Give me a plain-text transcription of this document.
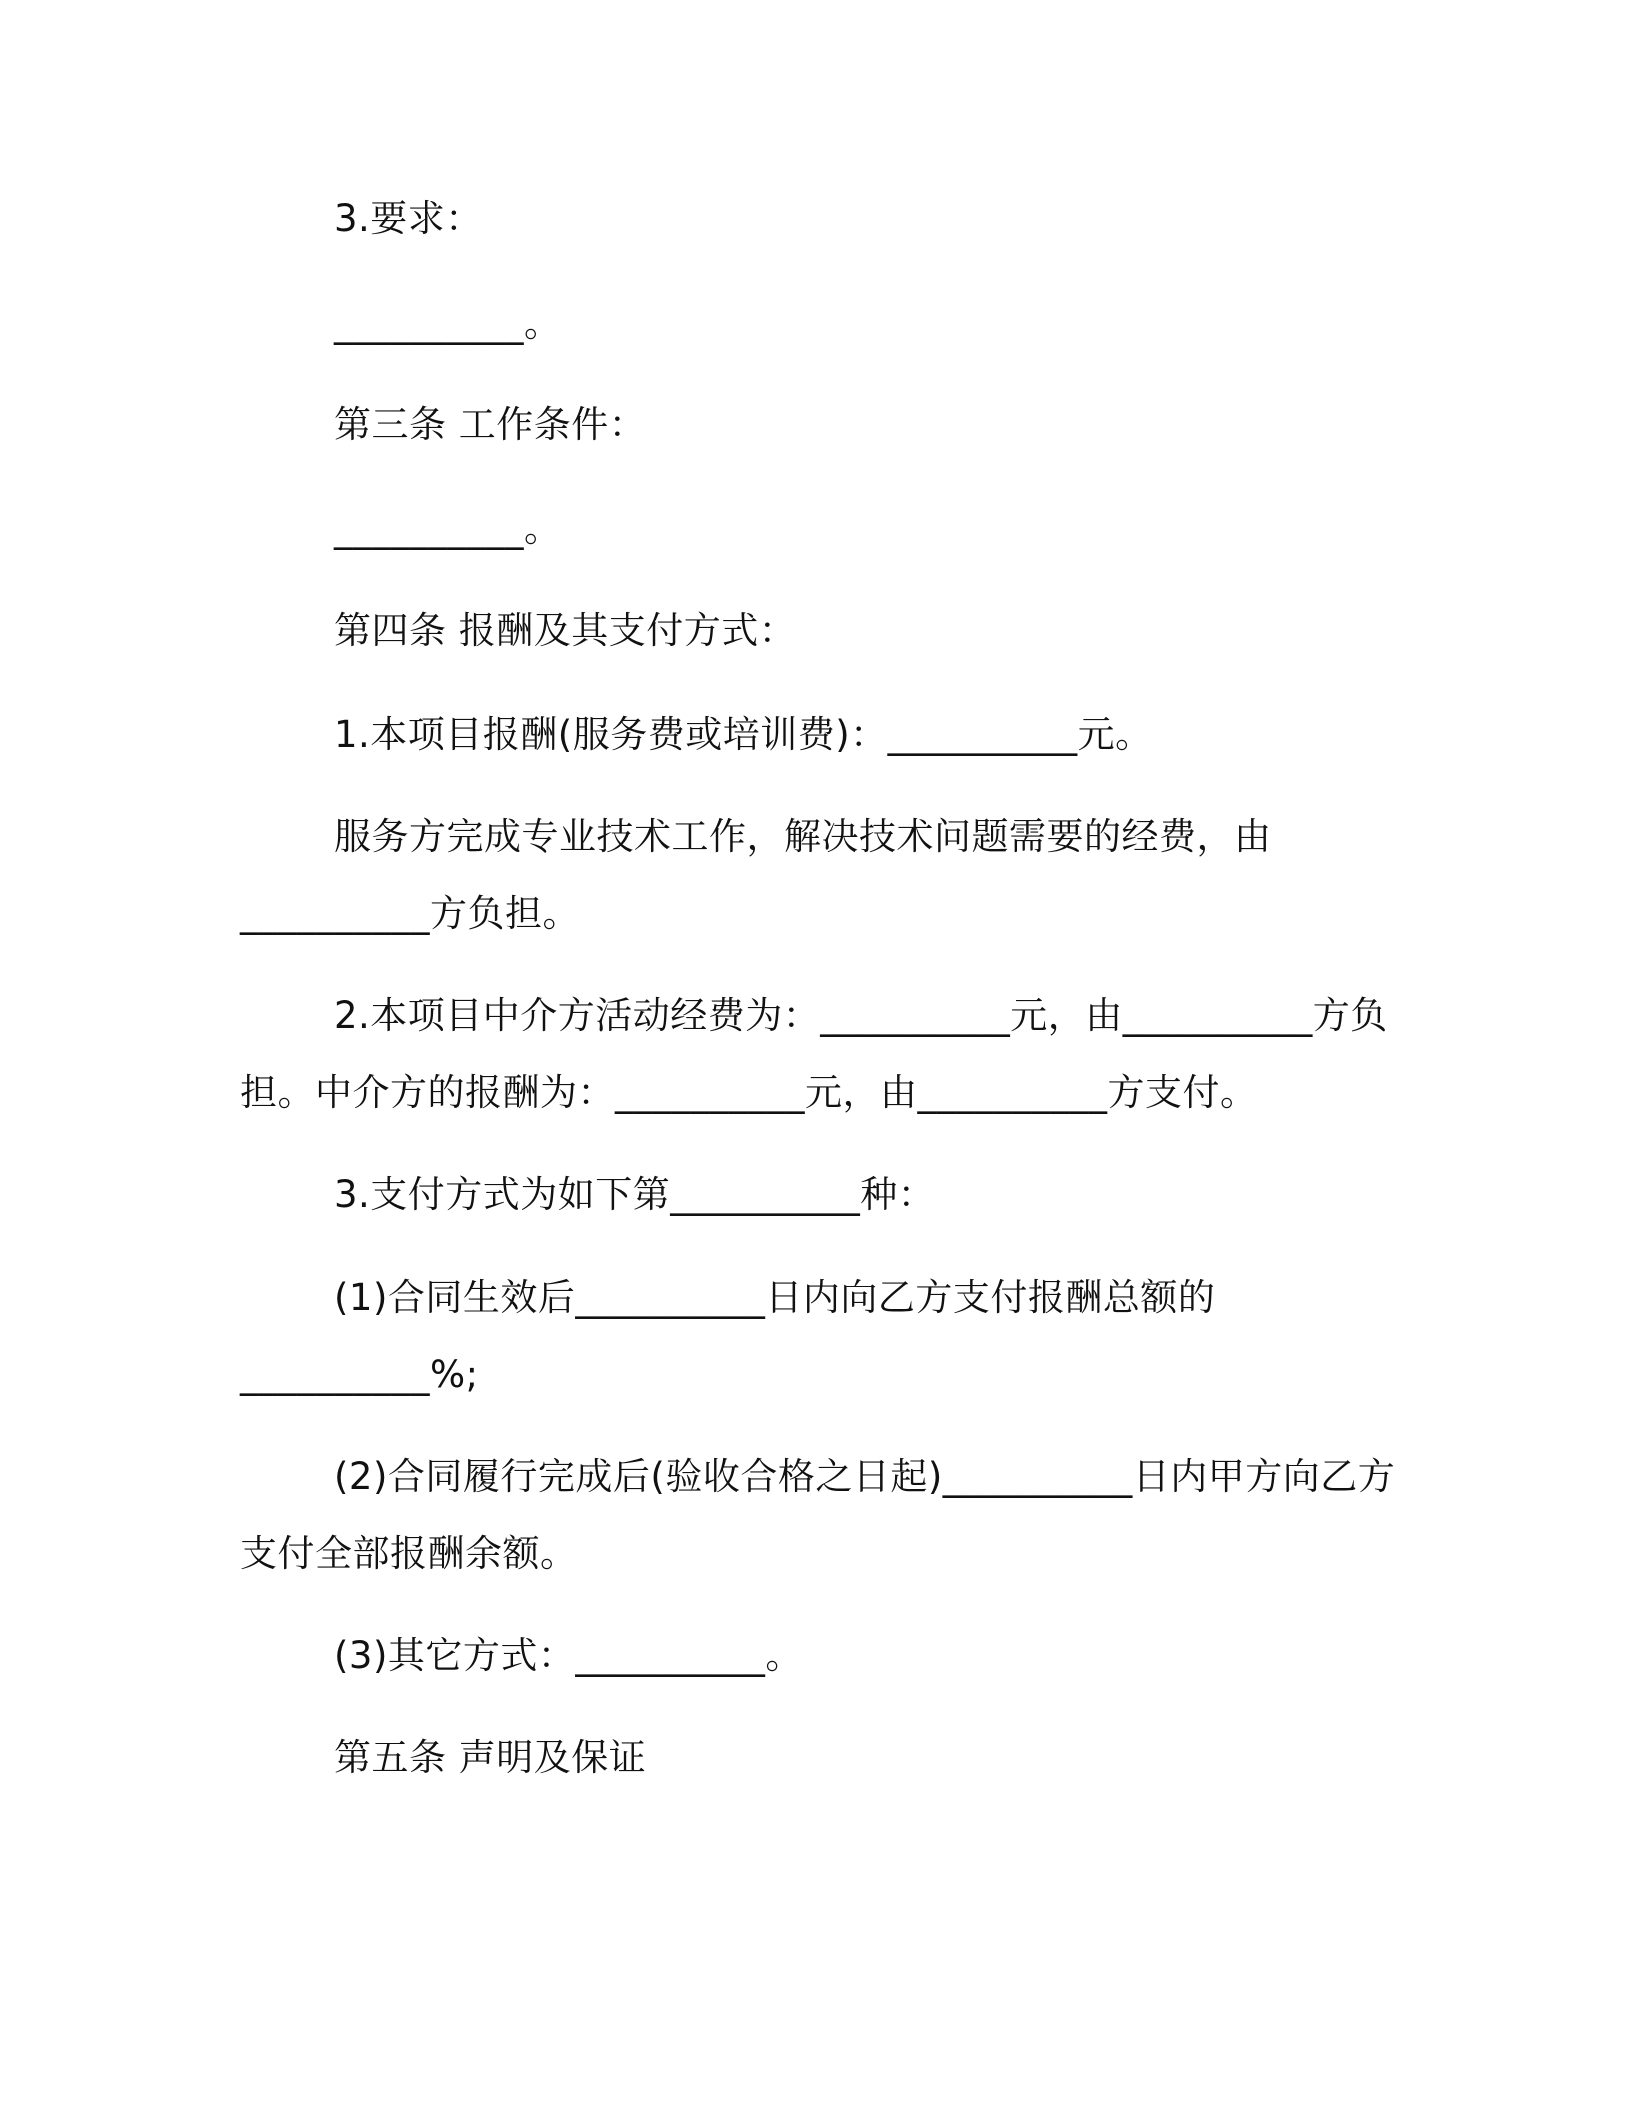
3.要求：
__________。
第三条 工作条件：
__________。
第四条 报酬及其支付方式：
1.本项目报酬(服务费或培训费)：__________元。
服务方完成专业技术工作，解决技术问题需要的经费，由
__________方负担。
2.本项目中介方活动经费为：__________元，由__________方负
担。中介方的报酬为：__________元，由__________方支付。
3.支付方式为如下第__________种：
(1)合同生效后__________日内向乙方支付报酬总额的
__________%;
(2)合同履行完成后(验收合格之日起)__________日内甲方向乙方
支付全部报酬余额。
(3)其它方式：__________。
第五条 声明及保证
